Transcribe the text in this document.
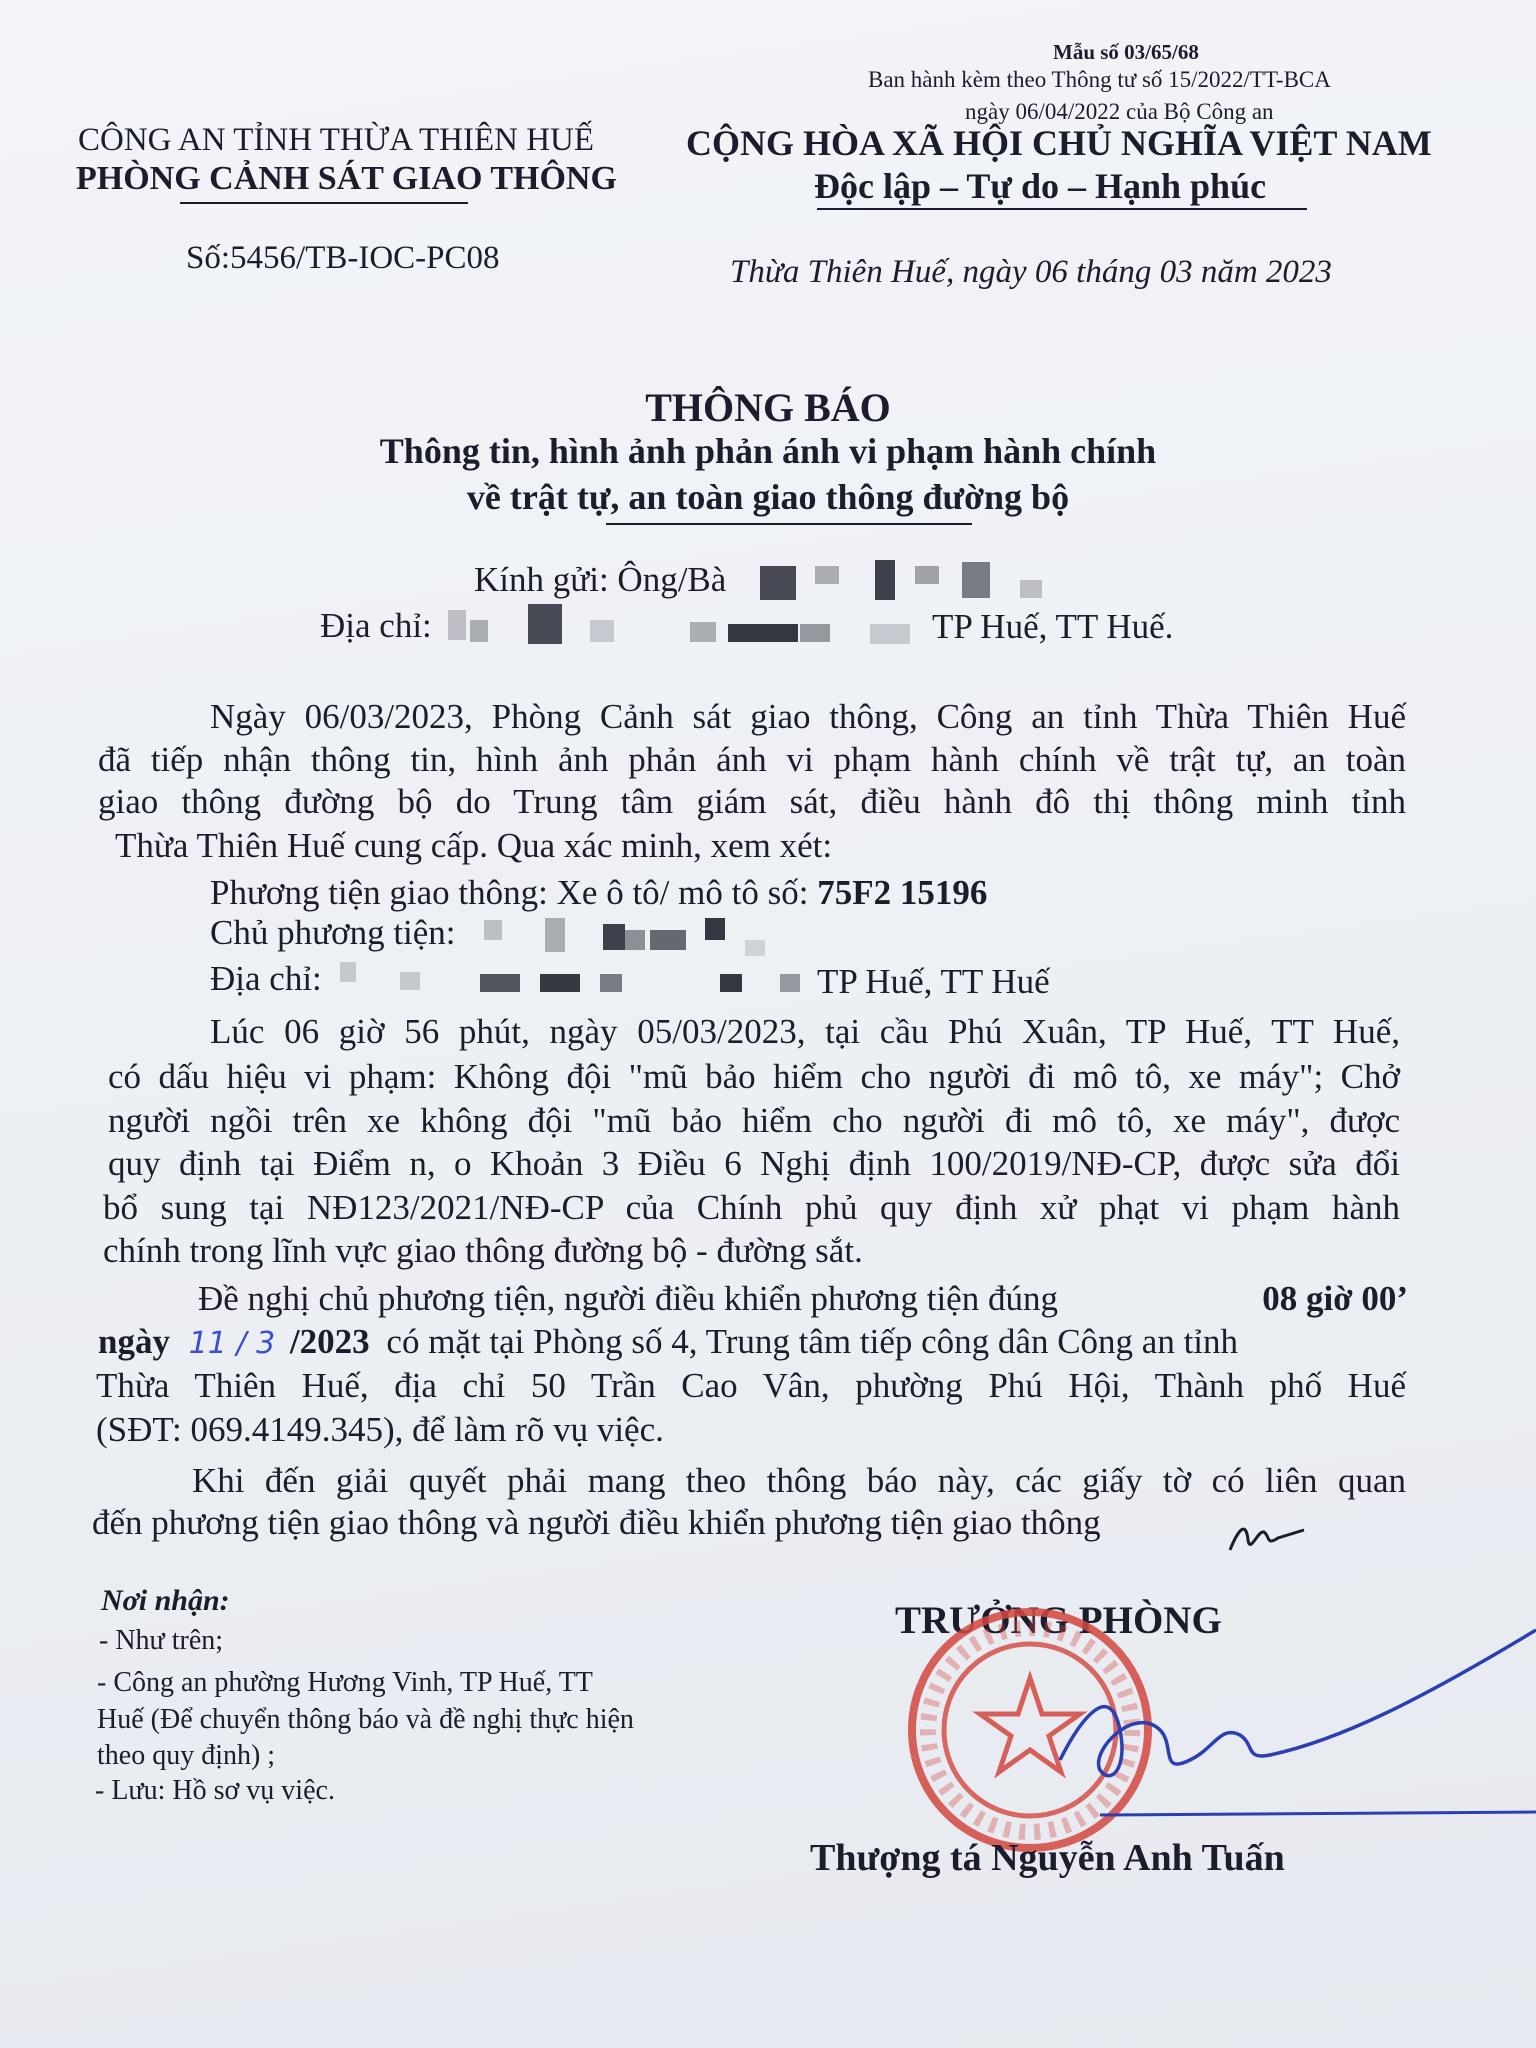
Mẫu số 03/65/68
Ban hành kèm theo Thông tư số 15/2022/TT-BCA
ngày 06/04/2022 của Bộ Công an
CÔNG AN TỈNH THỪA THIÊN HUẾ
PHÒNG CẢNH SÁT GIAO THÔNG
Số:5456/TB-IOC-PC08
CỘNG HÒA XÃ HỘI CHỦ NGHĨA VIỆT NAM
Độc lập – Tự do – Hạnh phúc
Thừa Thiên Huế, ngày 06 tháng 03 năm 2023
THÔNG BÁO
Thông tin, hình ảnh phản ánh vi phạm hành chính
về trật tự, an toàn giao thông đường bộ
Kính gửi: Ông/Bà
Địa chỉ:	TP Huế, TT Huế.
Ngày 06/03/2023, Phòng Cảnh sát giao thông, Công an tỉnh Thừa Thiên Huế
đã tiếp nhận thông tin, hình ảnh phản ánh vi phạm hành chính về trật tự, an toàn
giao thông đường bộ do Trung tâm giám sát, điều hành đô thị thông minh tỉnh
Thừa Thiên Huế cung cấp. Qua xác minh, xem xét:
Phương tiện giao thông: Xe ô tô/ mô tô số: 75F2 15196
Chủ phương tiện:
Địa chỉ:	TP Huế, TT Huế
Lúc 06 giờ 56 phút, ngày 05/03/2023, tại cầu Phú Xuân, TP Huế, TT Huế,
có dấu hiệu vi phạm: Không đội "mũ bảo hiểm cho người đi mô tô, xe máy"; Chở
người ngồi trên xe không đội "mũ bảo hiểm cho người đi mô tô, xe máy", được
quy định tại Điểm n, o Khoản 3 Điều 6 Nghị định 100/2019/NĐ-CP, được sửa đổi
bổ sung tại NĐ123/2021/NĐ-CP của Chính phủ quy định xử phạt vi phạm hành
chính trong lĩnh vực giao thông đường bộ - đường sắt.
Đề nghị chủ phương tiện, người điều khiển phương tiện đúng	08 giờ 00’
ngày 11 / 3 /2023 có mặt tại Phòng số 4, Trung tâm tiếp công dân Công an tỉnh
Thừa Thiên Huế, địa chỉ 50 Trần Cao Vân, phường Phú Hội, Thành phố Huế
(SĐT: 069.4149.345), để làm rõ vụ việc.
Khi đến giải quyết phải mang theo thông báo này, các giấy tờ có liên quan
đến phương tiện giao thông và người điều khiển phương tiện giao thông
Nơi nhận:
- Như trên;
- Công an phường Hương Vinh, TP Huế, TT
Huế (Để chuyển thông báo và đề nghị thực hiện
theo quy định) ;
- Lưu: Hồ sơ vụ việc.
TRƯỞNG PHÒNG
Thượng tá Nguyễn Anh Tuấn
